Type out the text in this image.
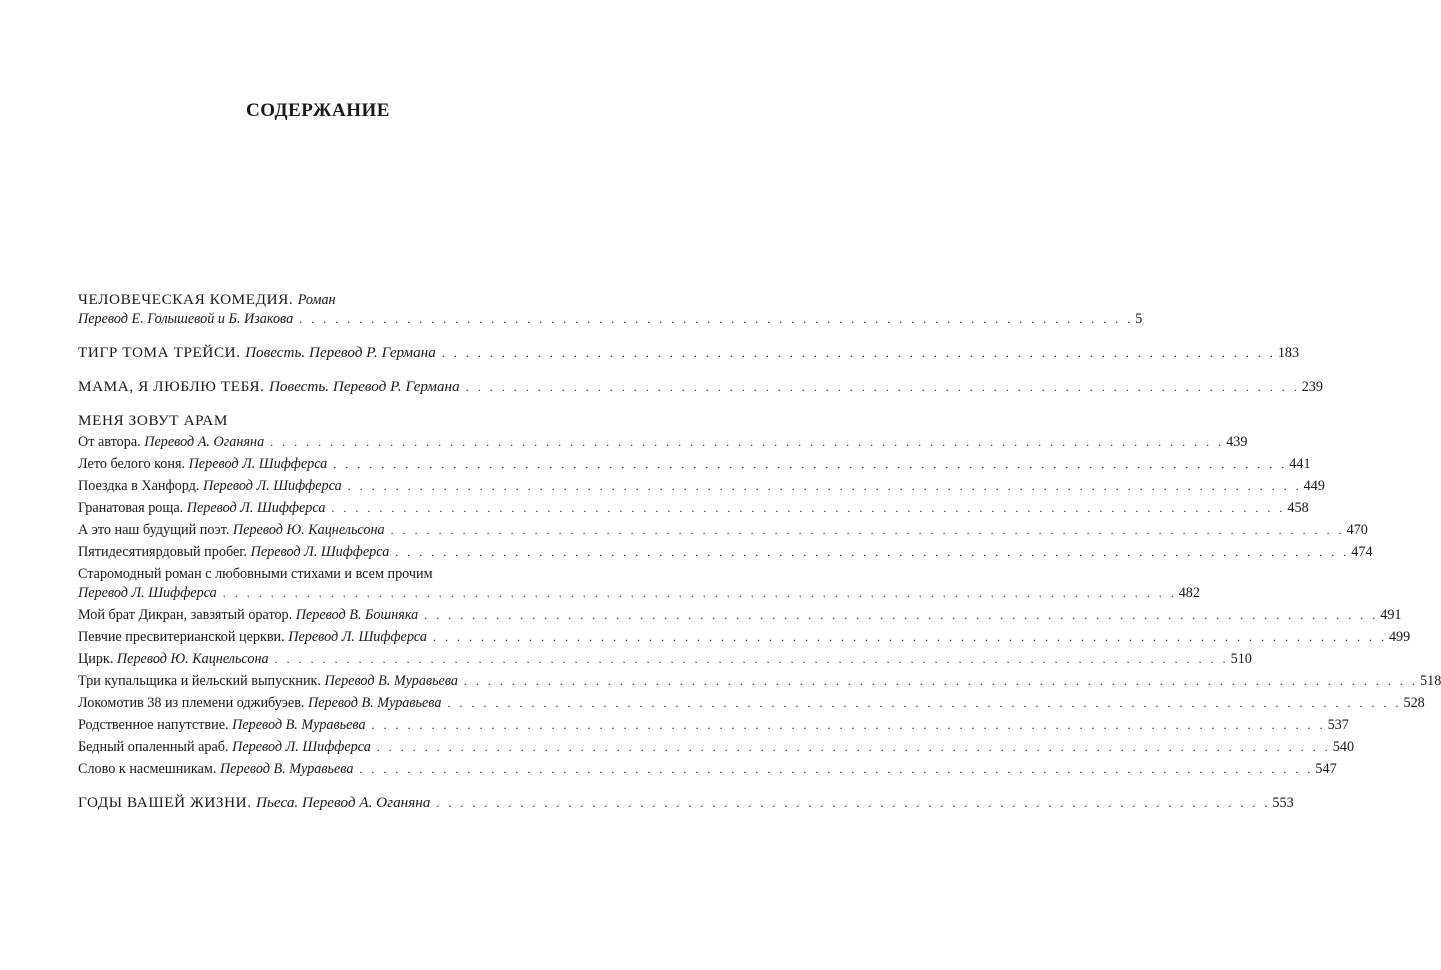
СОДЕРЖАНИЕ
ЧЕЛОВЕЧЕСКАЯ КОМЕДИЯ. Роман
Перевод Е. Голышевой и Б. Изакова . . . . . . . . . . . . . . . . . . . . . . . . . . . . . . . . . . . . . . . . . . . . . . . . . . . . . . . . . . . . . . . . . . . . . . 5
ТИГР ТОМА ТРЕЙСИ. Повесть. Перевод Р. Германа . . . . . . . . . . . . . . . . . . . . . . . . . . . . . . . . . . . . . . . . . . . . . . . . . . . . . . . . . . . . . . . . . . . . . . 183
МАМА, Я ЛЮБЛЮ ТЕБЯ. Повесть. Перевод Р. Германа . . . . . . . . . . . . . . . . . . . . . . . . . . . . . . . . . . . . . . . . . . . . . . . . . . . . . . . . . . . . . . . . . . . . . . 239
МЕНЯ ЗОВУТ АРАМ
От автора. Перевод А. Оганяна . . . . . . . . . . . . . . . . . . . . . . . . . . . . . . . . . . . . . . . . . . . . . . . . . . . . . . . . . . . . . . . . . . . . . . . . . . . . . . . . 439
Лето белого коня. Перевод Л. Шифферса . . . . . . . . . . . . . . . . . . . . . . . . . . . . . . . . . . . . . . . . . . . . . . . . . . . . . . . . . . . . . . . . . . . . . . . . . . . . . . . . 441
Поездка в Ханфорд. Перевод Л. Шифферса . . . . . . . . . . . . . . . . . . . . . . . . . . . . . . . . . . . . . . . . . . . . . . . . . . . . . . . . . . . . . . . . . . . . . . . . . . . . . . . . 449
Гранатовая роща. Перевод Л. Шифферса . . . . . . . . . . . . . . . . . . . . . . . . . . . . . . . . . . . . . . . . . . . . . . . . . . . . . . . . . . . . . . . . . . . . . . . . . . . . . . . . 458
А это наш будущий поэт. Перевод Ю. Кацнельсона . . . . . . . . . . . . . . . . . . . . . . . . . . . . . . . . . . . . . . . . . . . . . . . . . . . . . . . . . . . . . . . . . . . . . . . . . . . . . . . . 470
Пятидесятиярдовый пробег. Перевод Л. Шифферса . . . . . . . . . . . . . . . . . . . . . . . . . . . . . . . . . . . . . . . . . . . . . . . . . . . . . . . . . . . . . . . . . . . . . . . . . . . . . . . . 474
Старомодный роман с любовными стихами и всем прочим
Перевод Л. Шифферса . . . . . . . . . . . . . . . . . . . . . . . . . . . . . . . . . . . . . . . . . . . . . . . . . . . . . . . . . . . . . . . . . . . . . . . . . . . . . . . . 482
Мой брат Дикран, завзятый оратор. Перевод В. Бошняка . . . . . . . . . . . . . . . . . . . . . . . . . . . . . . . . . . . . . . . . . . . . . . . . . . . . . . . . . . . . . . . . . . . . . . . . . . . . . . . . 491
Певчие пресвитерианской церкви. Перевод Л. Шифферса . . . . . . . . . . . . . . . . . . . . . . . . . . . . . . . . . . . . . . . . . . . . . . . . . . . . . . . . . . . . . . . . . . . . . . . . . . . . . . . . 499
Цирк. Перевод Ю. Кацнельсона . . . . . . . . . . . . . . . . . . . . . . . . . . . . . . . . . . . . . . . . . . . . . . . . . . . . . . . . . . . . . . . . . . . . . . . . . . . . . . . . 510
Три купальщика и йельский выпускник. Перевод В. Муравьева . . . . . . . . . . . . . . . . . . . . . . . . . . . . . . . . . . . . . . . . . . . . . . . . . . . . . . . . . . . . . . . . . . . . . . . . . . . . . . . . 518
Локомотив 38 из племени оджибуэев. Перевод В. Муравьева . . . . . . . . . . . . . . . . . . . . . . . . . . . . . . . . . . . . . . . . . . . . . . . . . . . . . . . . . . . . . . . . . . . . . . . . . . . . . . . . 528
Родственное напутствие. Перевод В. Муравьева . . . . . . . . . . . . . . . . . . . . . . . . . . . . . . . . . . . . . . . . . . . . . . . . . . . . . . . . . . . . . . . . . . . . . . . . . . . . . . . . 537
Бедный опаленный араб. Перевод Л. Шифферса . . . . . . . . . . . . . . . . . . . . . . . . . . . . . . . . . . . . . . . . . . . . . . . . . . . . . . . . . . . . . . . . . . . . . . . . . . . . . . . . 540
Слово к насмешникам. Перевод В. Муравьева . . . . . . . . . . . . . . . . . . . . . . . . . . . . . . . . . . . . . . . . . . . . . . . . . . . . . . . . . . . . . . . . . . . . . . . . . . . . . . . . 547
ГОДЫ ВАШЕЙ ЖИЗНИ. Пьеса. Перевод А. Оганяна . . . . . . . . . . . . . . . . . . . . . . . . . . . . . . . . . . . . . . . . . . . . . . . . . . . . . . . . . . . . . . . . . . . . . . 553
